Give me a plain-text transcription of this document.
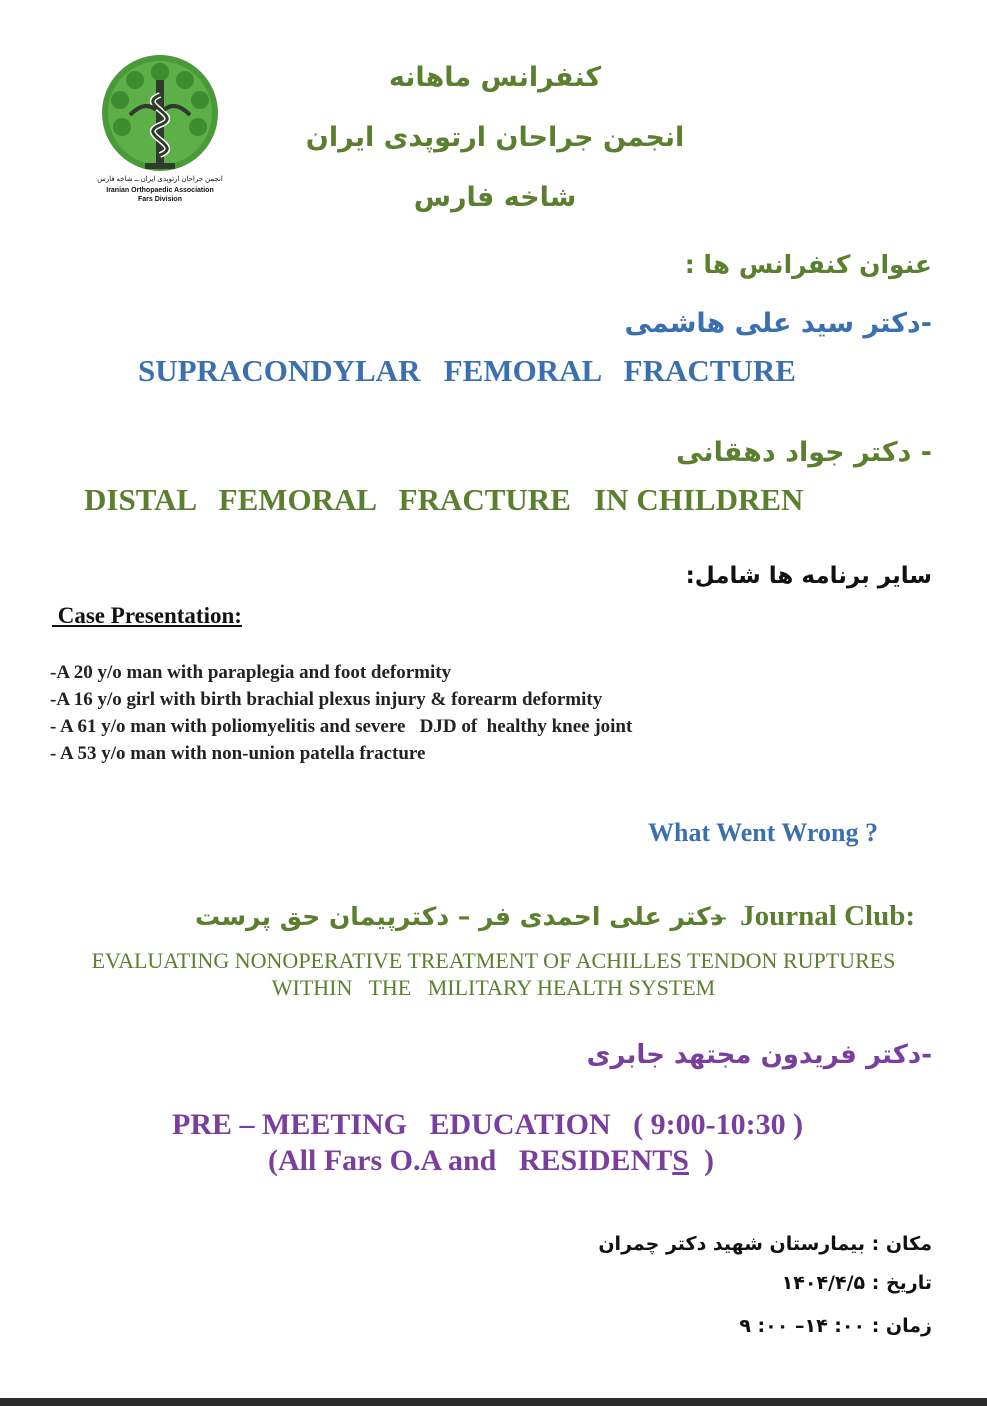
انجمن جراحان ارتوپدی ایران ــ شاخه فارس
Iranian Orthopaedic Association
Fars Division
کنفرانس ماهانه
انجمن جراحان ارتوپدی ایران
شاخه فارس
عنوان کنفرانس ها :
-دکتر سید علی هاشمی
SUPRACONDYLAR   FEMORAL   FRACTURE
- دکتر جواد دهقانی
DISTAL   FEMORAL   FRACTURE   IN CHILDREN
سایر برنامه ها شامل:
Case Presentation:
-A 20 y/o man with paraplegia and foot deformity
-A 16 y/o girl with birth brachial plexus injury & forearm deformity
- A 61 y/o man with poliomyelitis and severe   DJD of  healthy knee joint
- A 53 y/o man with non-union patella fracture
What Went Wrong ?
–  Journal Club:
دکتر علی احمدی فر – دکترپیمان حق پرست
EVALUATING NONOPERATIVE TREATMENT OF ACHILLES TENDON RUPTURES
WITHIN   THE   MILITARY HEALTH SYSTEM
-دکتر فریدون مجتهد جابری
PRE – MEETING   EDUCATION   ( 9:00-10:30 )
(All Fars O.A and   RESIDENTS  )
مکان : بیمارستان شهید دکتر چمران
تاریخ : ۱۴۰۴/۴/۵
زمان : ۰۰: ۱۴– ۰۰: ۹
